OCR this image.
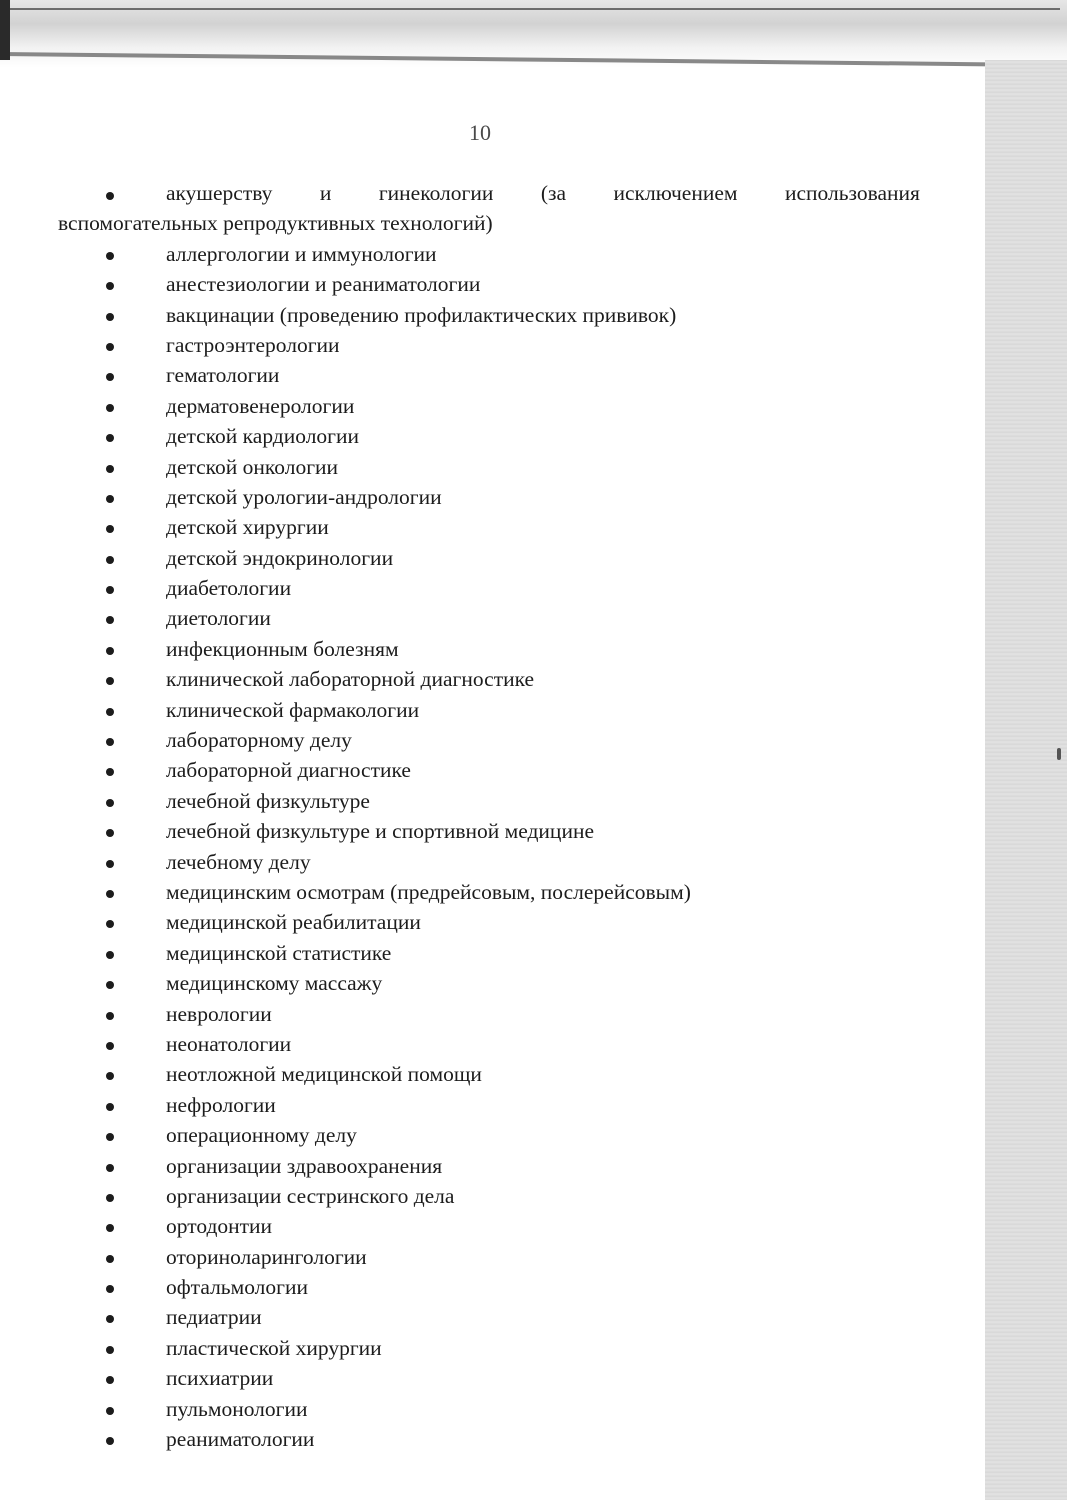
10
акушерству и гинекологии (за исключением использования
вспомогательных репродуктивных технологий)
аллергологии и иммунологии
анестезиологии и реаниматологии
вакцинации (проведению профилактических прививок)
гастроэнтерологии
гематологии
дерматовенерологии
детской кардиологии
детской онкологии
детской урологии-андрологии
детской хирургии
детской эндокринологии
диабетологии
диетологии
инфекционным болезням
клинической лабораторной диагностике
клинической фармакологии
лабораторному делу
лабораторной диагностике
лечебной физкультуре
лечебной физкультуре и спортивной медицине
лечебному делу
медицинским осмотрам (предрейсовым, послерейсовым)
медицинской реабилитации
медицинской статистике
медицинскому массажу
неврологии
неонатологии
неотложной медицинской помощи
нефрологии
операционному делу
организации здравоохранения
организации сестринского дела
ортодонтии
оториноларингологии
офтальмологии
педиатрии
пластической хирургии
психиатрии
пульмонологии
реаниматологии
